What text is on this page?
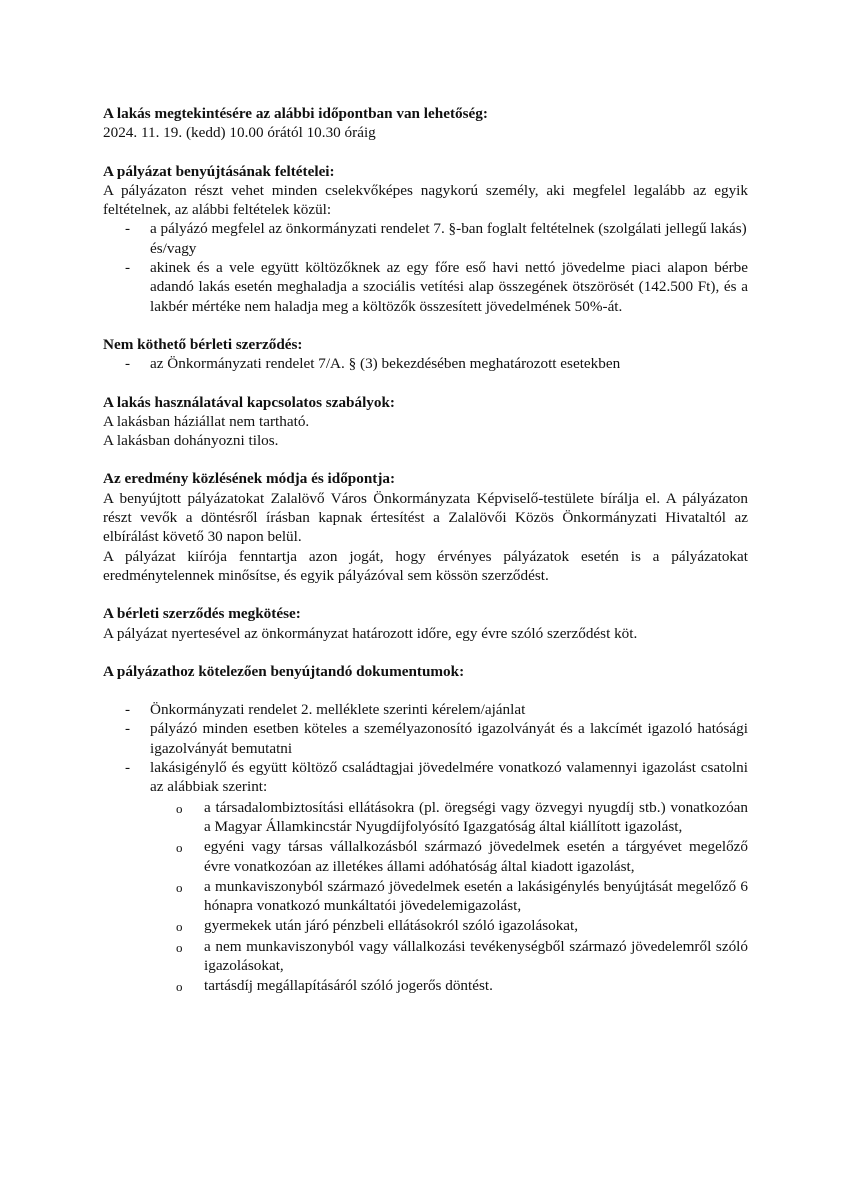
A lakás megtekintésére az alábbi időpontban van lehetőség:

2024. 11. 19. (kedd) 10.00 órától 10.30 óráig

A pályázat benyújtásának feltételei:

A pályázaton részt vehet minden cselekvőképes nagykorú személy, aki megfelel legalább az egyik feltételnek, az alábbi feltételek közül:

- a pályázó megfelel az önkormányzati rendelet 7. §-ban foglalt feltételnek (szolgálati jellegű lakás)

és/vagy

- akinek és a vele együtt költözőknek az egy főre eső havi nettó jövedelme piaci alapon bérbe adandó lakás esetén meghaladja a szociális vetítési alap összegének ötszörösét (142.500 Ft), és a lakbér mértéke nem haladja meg a költözők összesített jövedelmének 50%-át.

Nem köthető bérleti szerződés:

- az Önkormányzati rendelet 7/A. § (3) bekezdésében meghatározott esetekben

A lakás használatával kapcsolatos szabályok:

A lakásban háziállat nem tartható.

A lakásban dohányozni tilos.

Az eredmény közlésének módja és időpontja:

A benyújtott pályázatokat Zalalövő Város Önkormányzata Képviselő-testülete bírálja el. A pályázaton részt vevők a döntésről írásban kapnak értesítést a Zalalövői Közös Önkormányzati Hivataltól az elbírálást követő 30 napon belül.

A pályázat kiírója fenntartja azon jogát, hogy érvényes pályázatok esetén is a pályázatokat eredménytelennek minősítse, és egyik pályázóval sem kössön szerződést.

A bérleti szerződés megkötése:

A pályázat nyertesével az önkormányzat határozott időre, egy évre szóló szerződést köt.

A pályázathoz kötelezően benyújtandó dokumentumok:

- Önkormányzati rendelet 2. melléklete szerinti kérelem/ajánlat
- pályázó minden esetben köteles a személyazonosító igazolványát és a lakcímét igazoló hatósági igazolványát bemutatni
- lakásigénylő és együtt költöző családtagjai jövedelmére vonatkozó valamennyi igazolást csatolni az alábbiak szerint:
o a társadalombiztosítási ellátásokra (pl. öregségi vagy özvegyi nyugdíj stb.) vonatkozóan a Magyar Államkincstár Nyugdíjfolyósító Igazgatóság által kiállított igazolást,
o egyéni vagy társas vállalkozásból származó jövedelmek esetén a tárgyévet megelőző évre vonatkozóan az illetékes állami adóhatóság által kiadott igazolást,
o a munkaviszonyból származó jövedelmek esetén a lakásigénylés benyújtását megelőző 6 hónapra vonatkozó munkáltatói jövedelemigazolást,
o gyermekek után járó pénzbeli ellátásokról szóló igazolásokat,
o a nem munkaviszonyból vagy vállalkozási tevékenységből származó jövedelemről szóló igazolásokat,
o tartásdíj megállapításáról szóló jogerős döntést.
